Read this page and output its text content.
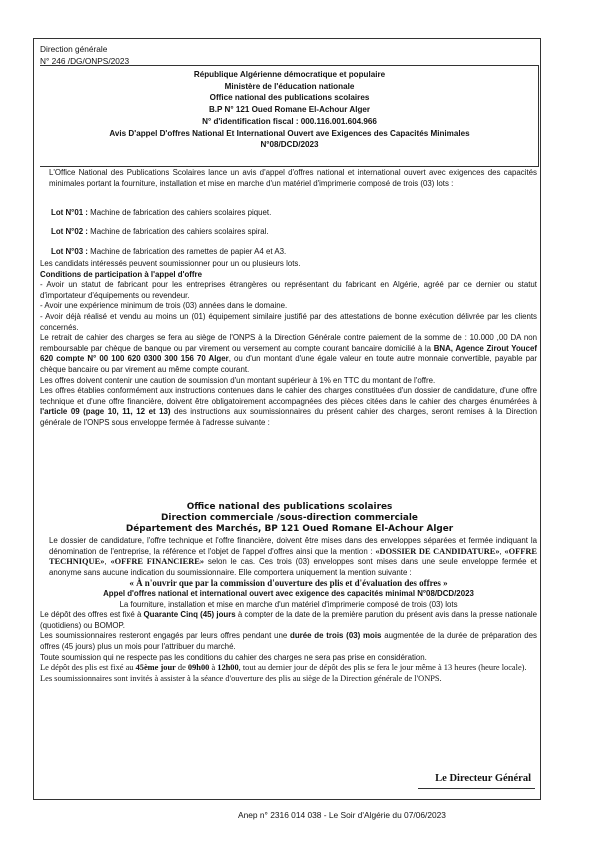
Direction générale
N° 246 /DG/ONPS/2023
République Algérienne démocratique et populaire
Ministère de l'éducation nationale
Office national des publications scolaires
B.P N° 121 Oued Romane El-Achour Alger
N° d'identification fiscal : 000.116.001.604.966
Avis D'appel D'offres National Et International Ouvert ave Exigences des Capacités Minimales
N°08/DCD/2023

L'Office National des Publications Scolaires lance un avis d'appel d'offres national et international ouvert avec exigences des capacités minimales portant la fourniture, installation et mise en marche d'un matériel d'imprimerie composé de trois (03) lots :

Lot N°01 : Machine de fabrication des cahiers scolaires piquet.
Lot N°02 : Machine de fabrication des cahiers scolaires spiral.
Lot N°03 : Machine de fabrication des ramettes de papier A4 et A3.

Les candidats intéressés peuvent soumissionner pour un ou plusieurs lots.

Conditions de participation à l'appel d'offre

- Avoir un statut de fabricant pour les entreprises étrangères ou représentant du fabricant en Algérie, agréé par ce dernier ou statut d'importateur d'équipements ou revendeur.

- Avoir une expérience minimum de trois (03) années dans le domaine.

- Avoir déjà réalisé et vendu au moins un (01) équipement similaire justifié par des attestations de bonne exécution délivrée par les clients concernés.

Le retrait de cahier des charges se fera au siège de l'ONPS à la Direction Générale contre paiement de la somme de : 10.000 ,00 DA non remboursable par chèque de banque ou par virement ou versement au compte courant bancaire domicilié à la BNA, Agence Zirout Youcef 620 compte N° 00 100 620 0300 300 156 70 Alger, ou d'un montant d'une égale valeur en toute autre monnaie convertible, payable par chèque bancaire ou par virement au même compte courant.

Les offres doivent contenir une caution de soumission d'un montant supérieur à 1% en TTC du montant de l'offre.

Les offres établies conformément aux instructions contenues dans le cahier des charges constituées d'un dossier de candidature, d'une offre technique et d'une offre financière, doivent être obligatoirement accompagnées des pièces citées dans le cahier des charges énumérées à l'article 09 (page 10, 11, 12 et 13) des instructions aux soumissionnaires du présent cahier des charges, seront remises à la Direction générale de l'ONPS sous enveloppe fermée à l'adresse suivante :

Office national des publications scolaires
Direction commerciale /sous-direction commerciale
Département des Marchés, BP 121 Oued Romane El-Achour Alger

Le dossier de candidature, l'offre technique et l'offre financière, doivent être mises dans des enveloppes séparées et fermée indiquant la dénomination de l'entreprise, la référence et l'objet de l'appel d'offres ainsi que la mention : «DOSSIER DE CANDIDATURE», «OFFRE TECHNIQUE», «OFFRE FINANCIERE» selon le cas. Ces trois (03) enveloppes sont mises dans une seule enveloppe fermée et anonyme sans aucune indication du soumissionnaire. Elle comportera uniquement la mention suivante :

« À n'ouvrir que par la commission d'ouverture des plis et d'évaluation des offres »

Appel d'offres national et international ouvert avec exigence des capacités minimal N°08/DCD/2023

La fourniture, installation et mise en marche d'un matériel d'imprimerie composé de trois (03) lots

Le dépôt des offres est fixé à Quarante Cinq (45) jours à compter de la date de la première parution du présent avis dans la presse nationale (quotidiens) ou BOMOP.

Les soumissionnaires resteront engagés par leurs offres pendant une durée de trois (03) mois augmentée de la durée de préparation des offres (45 jours) plus un mois pour l'attribuer du marché.

Toute soumission qui ne respecte pas les conditions du cahier des charges ne sera pas prise en considération.

Le dépôt des plis est fixé au 45ème jour de 09h00 à 12h00, tout au dernier jour de dépôt des plis se fera le jour même à 13 heures (heure locale).

Les soumissionnaires sont invités à assister à la séance d'ouverture des plis au siège de la Direction générale de l'ONPS.

Le Directeur Général
Anep n° 2316 014 038 - Le Soir d'Algérie du 07/06/2023
